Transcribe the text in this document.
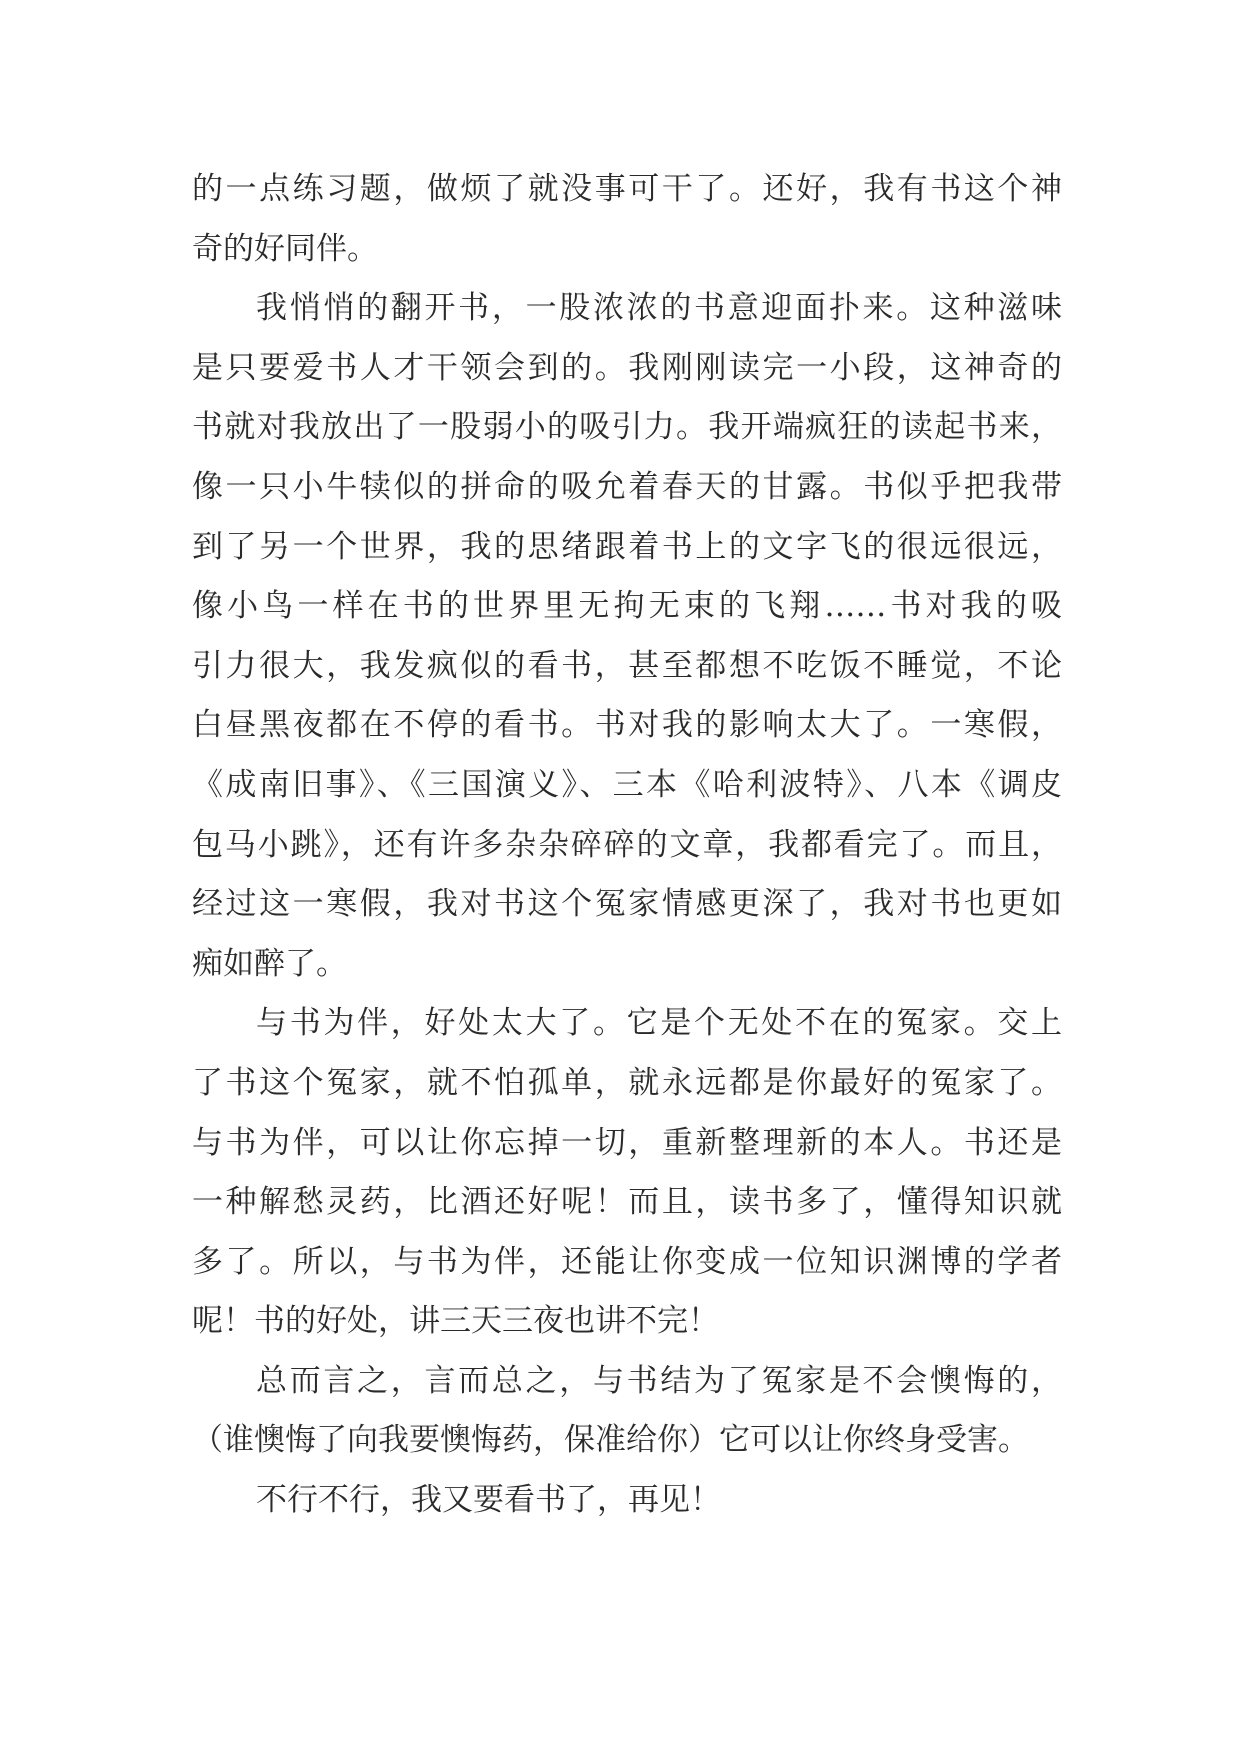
的一点练习题，做烦了就没事可干了。还好，我有书这个神
奇的好同伴。
我悄悄的翻开书，一股浓浓的书意迎面扑来。这种滋味
是只要爱书人才干领会到的。我刚刚读完一小段，这神奇的
书就对我放出了一股弱小的吸引力。我开端疯狂的读起书来，
像一只小牛犊似的拼命的吸允着春天的甘露。书似乎把我带
到了另一个世界，我的思绪跟着书上的文字飞的很远很远，
像小鸟一样在书的世界里无拘无束的飞翔……书对我的吸
引力很大，我发疯似的看书，甚至都想不吃饭不睡觉，不论
白昼黑夜都在不停的看书。书对我的影响太大了。一寒假，
《成南旧事》、《三国演义》、三本《哈利波特》、八本《调皮
包马小跳》，还有许多杂杂碎碎的文章，我都看完了。而且，
经过这一寒假，我对书这个冤家情感更深了，我对书也更如
痴如醉了。
与书为伴，好处太大了。它是个无处不在的冤家。交上
了书这个冤家，就不怕孤单，就永远都是你最好的冤家了。
与书为伴，可以让你忘掉一切，重新整理新的本人。书还是
一种解愁灵药，比酒还好呢！而且，读书多了，懂得知识就
多了。所以，与书为伴，还能让你变成一位知识渊博的学者
呢！书的好处，讲三天三夜也讲不完！
总而言之，言而总之，与书结为了冤家是不会懊悔的，
（谁懊悔了向我要懊悔药，保准给你）它可以让你终身受害。
不行不行，我又要看书了，再见！
